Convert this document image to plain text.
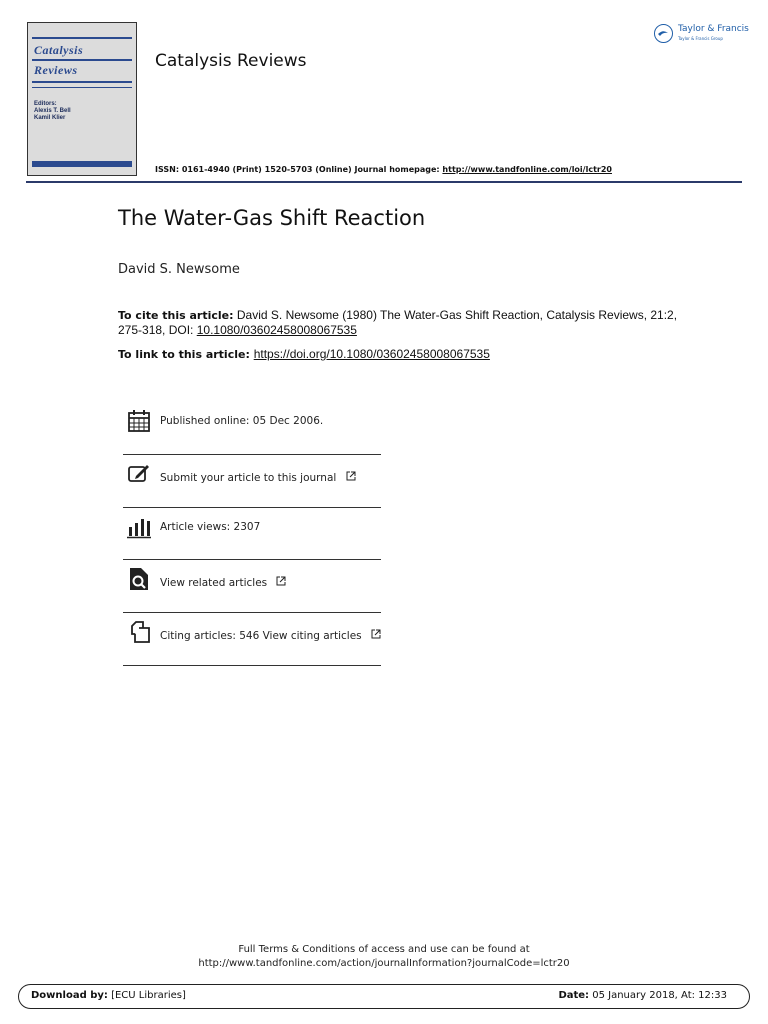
Catalysis
Reviews
Editors:
Alexis T. Bell
Kamil Klier
Catalysis Reviews
ISSN: 0161-4940 (Print) 1520-5703 (Online) Journal homepage: http://www.tandfonline.com/loi/lctr20
Taylor & Francis
Taylor & Francis Group
The Water-Gas Shift Reaction
David S. Newsome
To cite this article: David S. Newsome (1980) The Water-Gas Shift Reaction, Catalysis Reviews, 21:2, 275-318, DOI: 10.1080/03602458008067535
To link to this article: https://doi.org/10.1080/03602458008067535
Published online: 05 Dec 2006.
Submit your article to this journal
Article views: 2307
View related articles
Citing articles: 546 View citing articles
Full Terms & Conditions of access and use can be found at
http://www.tandfonline.com/action/journalInformation?journalCode=lctr20
Download by: [ECU Libraries]	Date: 05 January 2018, At: 12:33
